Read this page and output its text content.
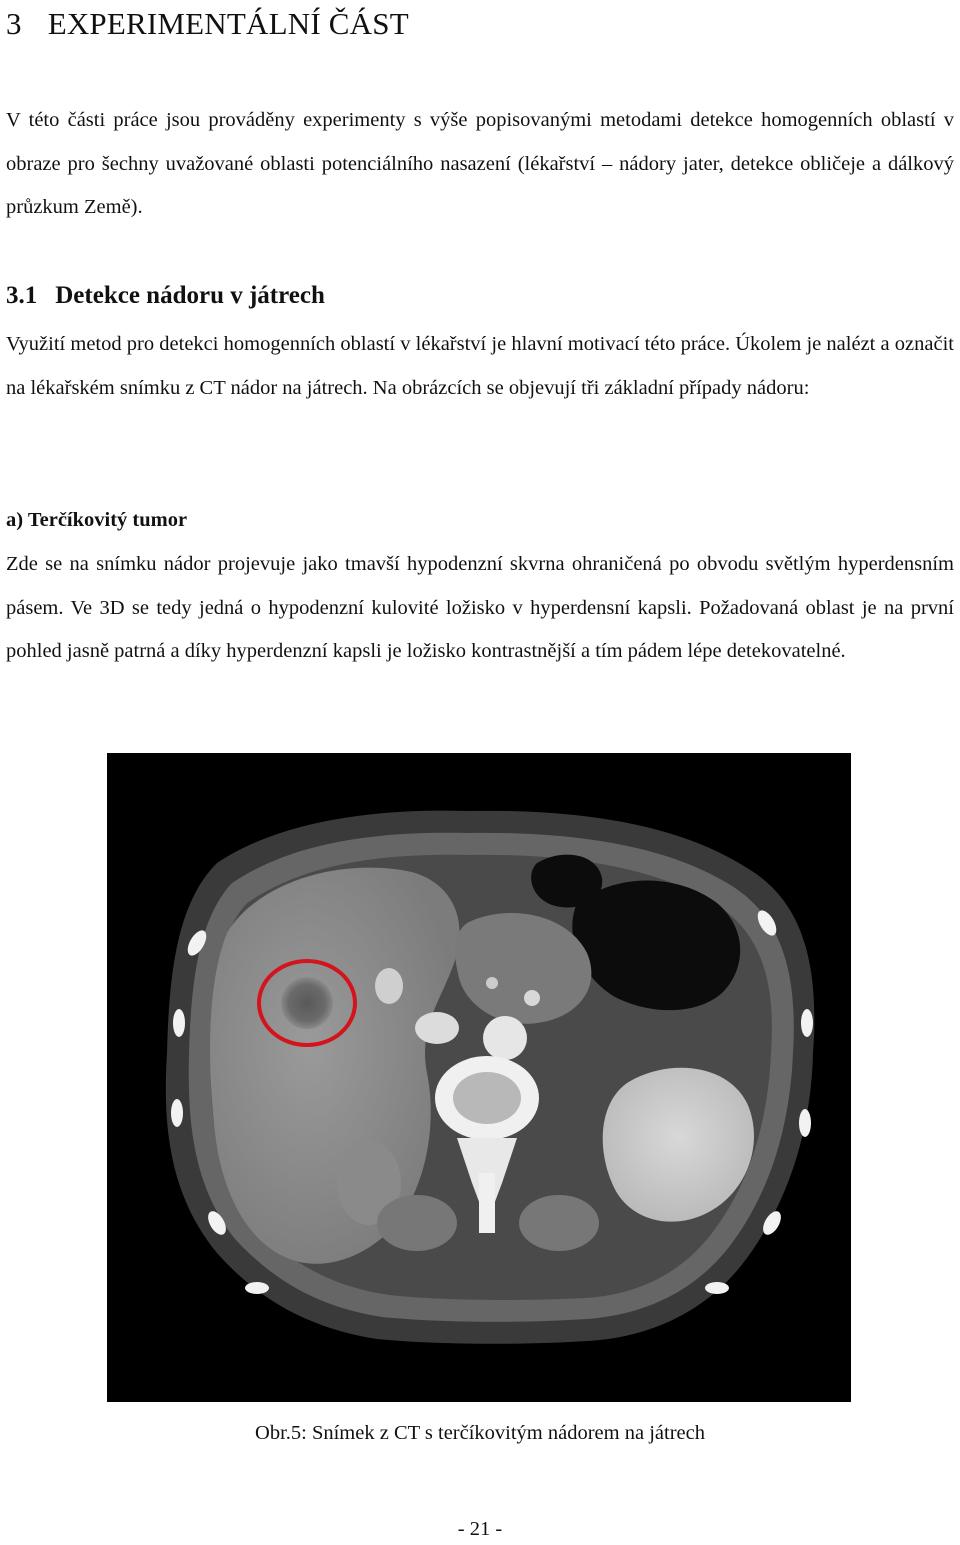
3 EXPERIMENTÁLNÍ ČÁST

V této části práce jsou prováděny experimenty s výše popisovanými metodami detekce homogenních oblastí v obraze pro šechny uvažované oblasti potenciálního nasazení (lékařství – nádory jater, detekce obličeje a dálkový průzkum Země).

3.1 Detekce nádoru v játrech

Využití metod pro detekci homogenních oblastí v lékařství je hlavní motivací této práce. Úkolem je nalézt a označit na lékařském snímku z CT nádor na játrech. Na obrázcích se objevují tři základní případy nádoru:

a) Terčíkovitý tumor

Zde se na snímku nádor projevuje jako tmavší hypodenzní skvrna ohraničená po obvodu světlým hyperdensním pásem. Ve 3D se tedy jedná o hypodenzní kulovité ložisko v hyperdensní kapsli. Požadovaná oblast je na první pohled jasně patrná a díky hyperdenzní kapsli je ložisko kontrastnější a tím pádem lépe detekovatelné.

Obr.5: Snímek z CT s terčíkovitým nádorem na játrech

- 21 -
